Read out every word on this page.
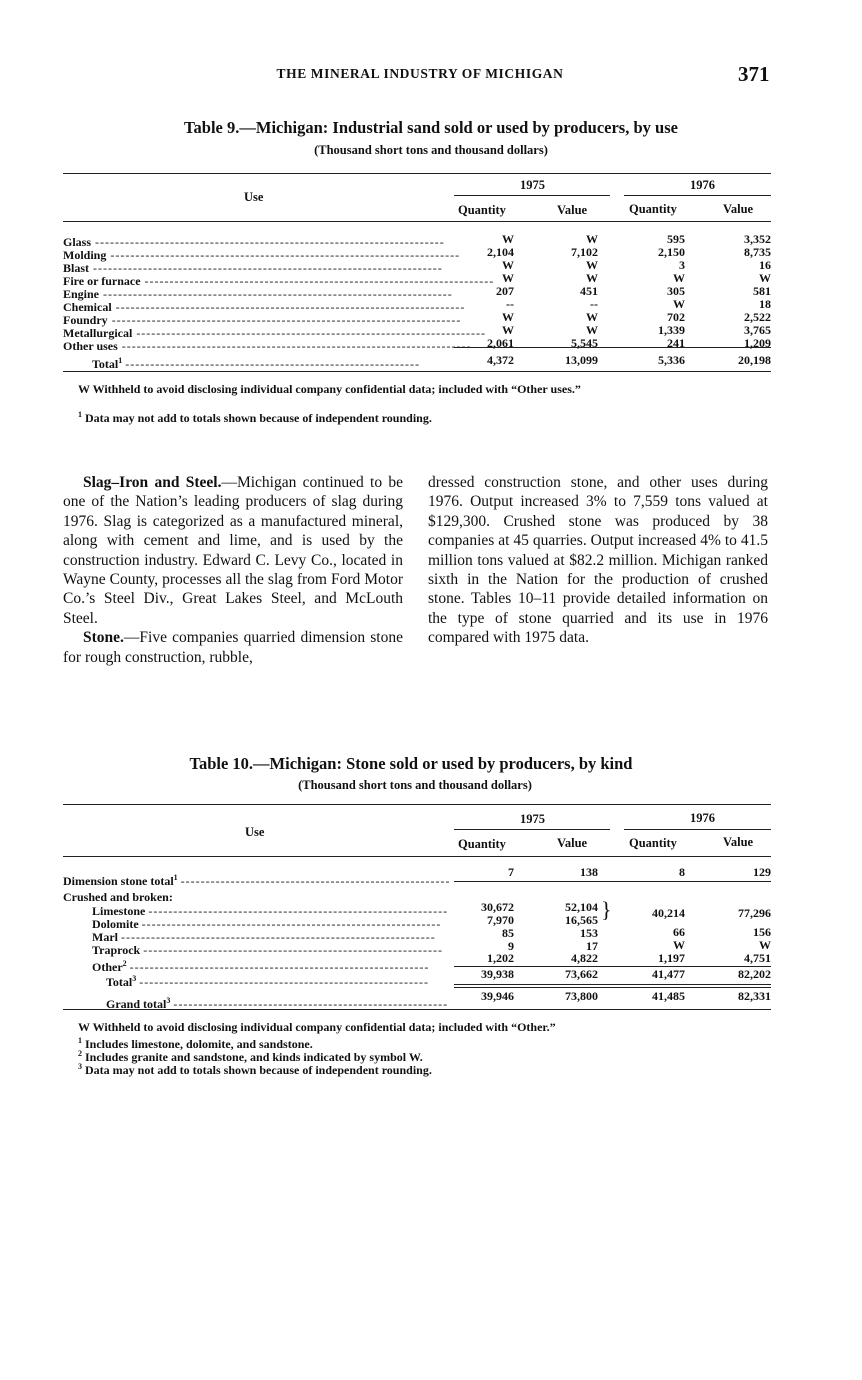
THE MINERAL INDUSTRY OF MICHIGAN	371
Table 9.—Michigan: Industrial sand sold or used by producers, by use
(Thousand short tons and thousand dollars)
Use
1975	1976
Quantity	Value	Quantity	Value
Glass ----------------------------------------------------------------------	W	W	595	3,352
Molding ----------------------------------------------------------------------	2,104	7,102	2,150	8,735
Blast ----------------------------------------------------------------------	W	W	3	16
Fire or furnace ---------------------------------------------------------------------- W	W	W	W
Engine ----------------------------------------------------------------------	207	451	305	581
Chemical ----------------------------------------------------------------------	--	--	W	18
Foundry ----------------------------------------------------------------------	W	W	702	2,522
Metallurgical ----------------------------------------------------------------------	W	W	1,339	3,765
Other uses ----------------------------------------------------------------------	2,061	5,545	241	1,209
Total$^1$ -----------------------------------------------------------	4,372	13,099	5,336	20,198
W Withheld to avoid disclosing individual company confidential data; included with “Other uses.”
$^1$ Data may not add to totals shown because of independent rounding.

Slag–Iron and Steel.—Michigan continued to be one of the Nation’s leading producers of slag during 1976. Slag is categorized as a manufactured mineral, along with cement and lime, and is used by the construction industry. Edward C. Levy Co., located in Wayne County, processes all the slag from Ford Motor Co.’s Steel Div., Great Lakes Steel, and McLouth Steel.

Stone.—Five companies quarried dimension stone for rough construction, rubble,

dressed construction stone, and other uses during 1976. Output increased 3% to 7,559 tons valued at $129,300. Crushed stone was produced by 38 companies at 45 quarries. Output increased 4% to 41.5 million tons valued at $82.2 million. Michigan ranked sixth in the Nation for the production of crushed stone. Tables 10–11 provide detailed information on the type of stone quarried and its use in 1976 compared with 1975 data.

Table 10.—Michigan: Stone sold or used by producers, by kind
(Thousand short tons and thousand dollars)
Use
1975	1976
Quantity	Value	Quantity	Value
Dimension stone total$^1$ ------------------------------------------------------
7	138	8	129
Crushed and broken:
Limestone ------------------------------------------------------------	30,672	52,104
Dolomite ------------------------------------------------------------	7,970	16,565 }	40,214	77,296
Marl ---------------------------------------------------------------	85	153	66	156
Traprock ------------------------------------------------------------	9	17	W	W
Other$^2$ ------------------------------------------------------------
1,202	4,822	1,197	4,751
Total$^3$ ----------------------------------------------------------
39,938	73,662	41,477	82,202
Grand total$^3$ -------------------------------------------------------
39,946	73,800	41,485	82,331
W Withheld to avoid disclosing individual company confidential data; included with “Other.”
$^1$ Includes limestone, dolomite, and sandstone.
$^2$ Includes granite and sandstone, and kinds indicated by symbol W.
$^3$ Data may not add to totals shown because of independent rounding.
